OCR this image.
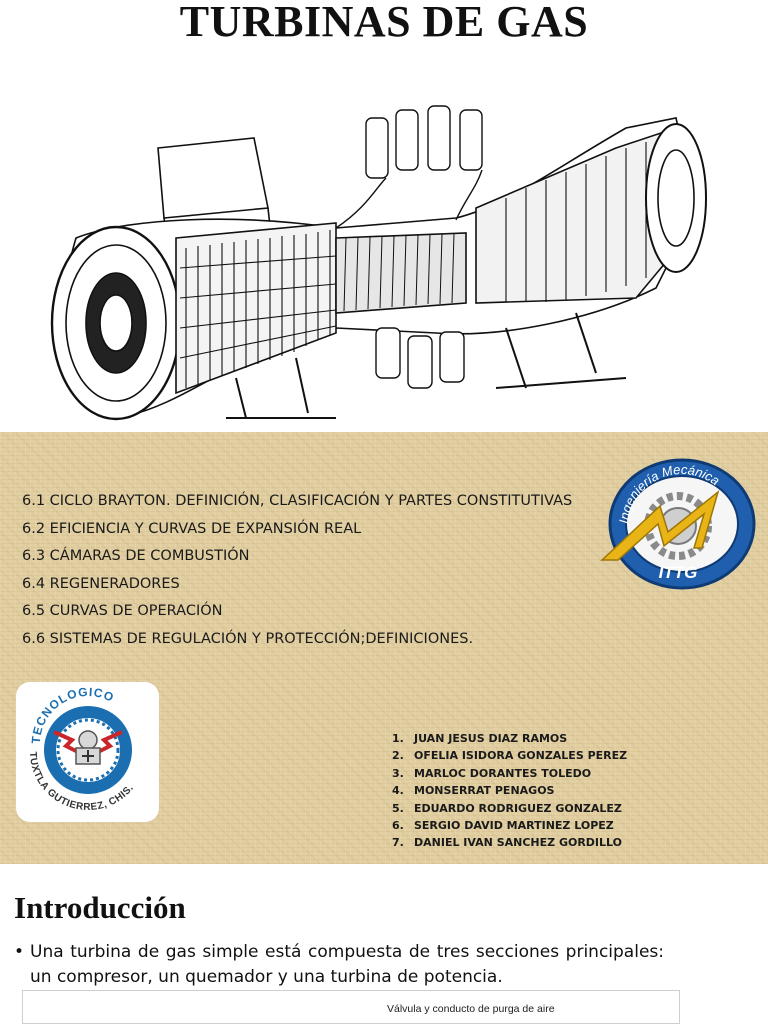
TURBINAS DE GAS
6.1 CICLO BRAYTON. DEFINICIÓN, CLASIFICACIÓN Y PARTES CONSTITUTIVAS
6.2 EFICIENCIA Y CURVAS DE EXPANSIÓN REAL
6.3 CÁMARAS DE COMBUSTIÓN
6.4 REGENERADORES
6.5 CURVAS DE OPERACIÓN
6.6 SISTEMAS DE REGULACIÓN Y PROTECCIÓN;DEFINICIONES.
Ingeniería Mecánica
ITTG
TECNOLOGICO
TUXTLA GUTIERREZ, CHIS.
1. JUAN JESUS DIAZ RAMOS
2. OFELIA ISIDORA GONZALES PEREZ
3. MARLOC DORANTES TOLEDO
4. MONSERRAT PENAGOS
5. EDUARDO RODRIGUEZ GONZALEZ
6. SERGIO DAVID MARTINEZ LOPEZ
7. DANIEL IVAN SANCHEZ GORDILLO
Introducción

• Una turbina de gas simple está compuesta de tres secciones principales: un compresor, un quemador y una turbina de potencia.

Válvula y conducto de purga de aire
